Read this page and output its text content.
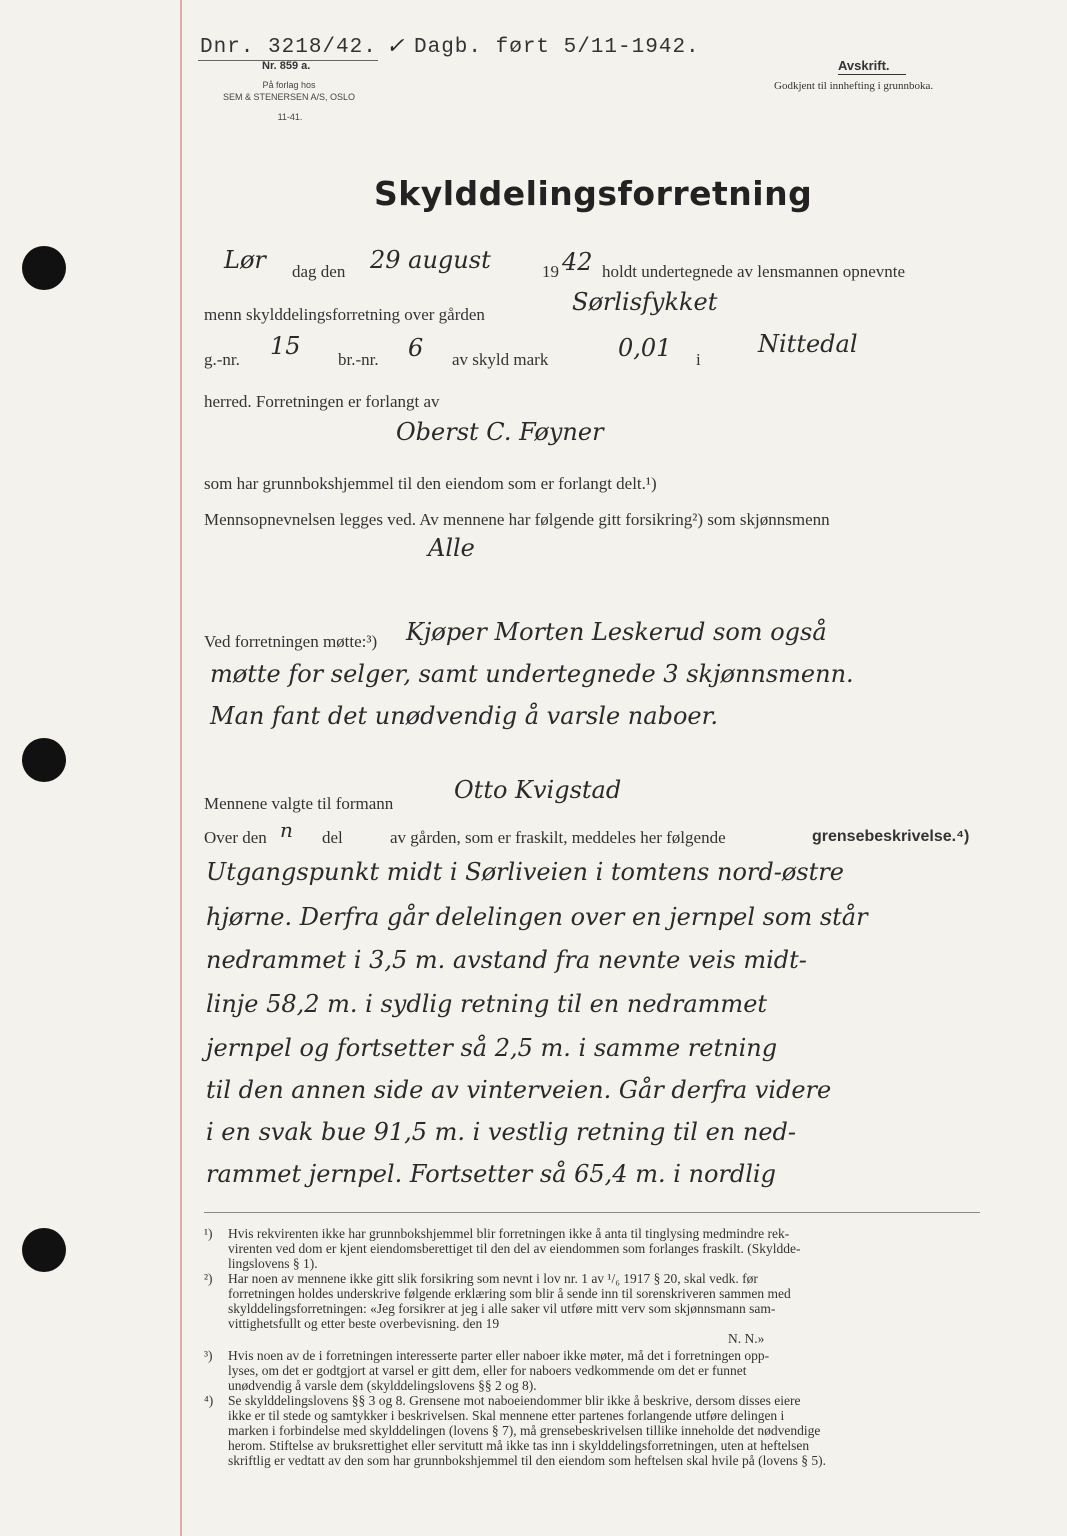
Dnr. 3218/42. ✓ Dagb. ført 5/11-1942.
Nr. 859 a.
På forlag hos
SEM & STENERSEN A/S, OSLO
11-41.
Avskrift.
Godkjent til innhefting i grunnboka.
Skylddelingsforretning
Lør dag den 29 august	19 42 holdt undertegnede av lensmannen opnevnte
menn skylddelingsforretning over gården	Sørlisfykket
g.-nr. 15 br.-nr. 6 av skyld mark	0,01 i
Nittedal
herred. Forretningen er forlangt av
Oberst C. Føyner
som har grunnbokshjemmel til den eiendom som er forlangt delt.¹)
Mennsopnevnelsen legges ved. Av mennene har følgende gitt forsikring²) som skjønnsmenn
Alle
Ved forretningen møtte:³) Kjøper Morten Leskerud som også
møtte for selger, samt undertegnede 3 skjønnsmenn.
Man fant det unødvendig å varsle naboer.
Mennene valgte til formann	Otto Kvigstad
Over den n del	av gården, som er fraskilt, meddeles her følgende	grensebeskrivelse.⁴)
Utgangspunkt midt i Sørliveien i tomtens nord-østre
hjørne. Derfra går delelingen over en jernpel som står
nedrammet i 3,5 m. avstand fra nevnte veis midt-
linje 58,2 m. i sydlig retning til en nedrammet
jernpel og fortsetter så 2,5 m. i samme retning
til den annen side av vinterveien. Går derfra videre
i en svak bue 91,5 m. i vestlig retning til en ned-
rammet jernpel. Fortsetter så 65,4 m. i nordlig
¹) Hvis rekvirenten ikke har grunnbokshjemmel blir forretningen ikke å anta til tinglysing medmindre rek-
virenten ved dom er kjent eiendomsberettiget til den del av eiendommen som forlanges fraskilt. (Skyldde-
lingslovens § 1).
²) Har noen av mennene ikke gitt slik forsikring som nevnt i lov nr. 1 av ¹/₆ 1917 § 20, skal vedk. før
forretningen holdes underskrive følgende erklæring som blir å sende inn til sorenskriveren sammen med
skylddelingsforretningen: «Jeg forsikrer at jeg i alle saker vil utføre mitt verv som skjønnsmann sam-
vittighetsfullt og etter beste overbevisning. den 19
N. N.»
³) Hvis noen av de i forretningen interesserte parter eller naboer ikke møter, må det i forretningen opp-
lyses, om det er godtgjort at varsel er gitt dem, eller for naboers vedkommende om det er funnet
unødvendig å varsle dem (skylddelingslovens §§ 2 og 8).
⁴) Se skylddelingslovens §§ 3 og 8. Grensene mot naboeiendommer blir ikke å beskrive, dersom disses eiere
ikke er til stede og samtykker i beskrivelsen. Skal mennene etter partenes forlangende utføre delingen i
marken i forbindelse med skylddelingen (lovens § 7), må grensebeskrivelsen tillike inneholde det nødvendige
herom. Stiftelse av bruksrettighet eller servitutt må ikke tas inn i skylddelingsforretningen, uten at heftelsen
skriftlig er vedtatt av den som har grunnbokshjemmel til den eiendom som heftelsen skal hvile på (lovens § 5).
